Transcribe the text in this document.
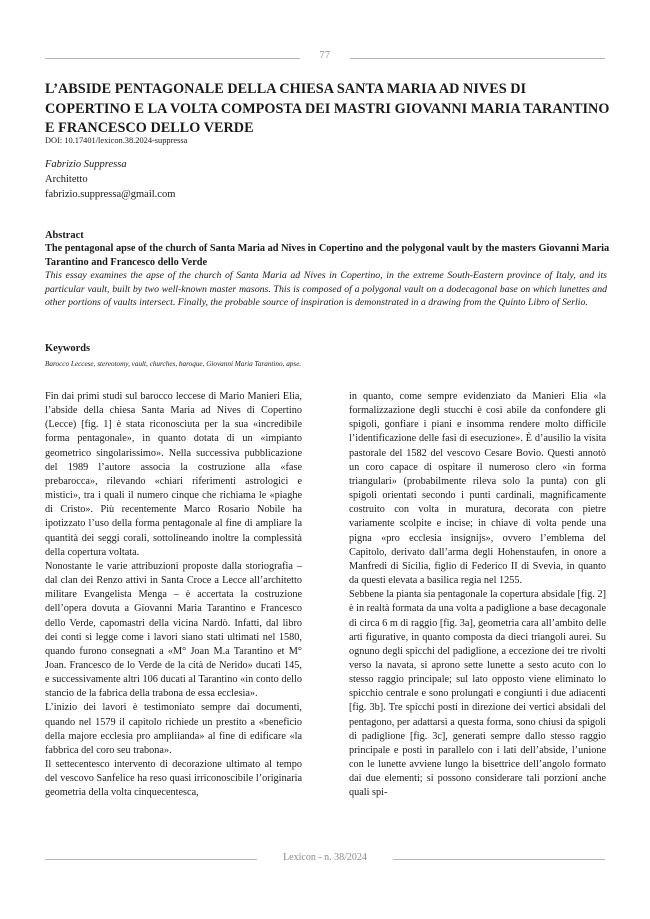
77
L’ABSIDE PENTAGONALE DELLA CHIESA SANTA MARIA AD NIVES DI COPERTINO E LA VOLTA COMPOSTA DEI MASTRI GIOVANNI MARIA TARANTINO E FRANCESCO DELLO VERDE
DOI: 10.17401/lexicon.38.2024-suppressa
Fabrizio Suppressa
Architetto
fabrizio.suppressa@gmail.com
Abstract
The pentagonal apse of the church of Santa Maria ad Nives in Copertino and the polygonal vault by the masters Giovanni Maria Tarantino and Francesco dello Verde
This essay examines the apse of the church of Santa Maria ad Nives in Copertino, in the extreme South-Eastern province of Italy, and its particular vault, built by two well-known master masons. This is composed of a polygonal vault on a dodecagonal base on which lunettes and other portions of vaults intersect. Finally, the probable source of inspiration is demonstrated in a drawing from the Quinto Libro of Serlio.
Keywords
Barocco Leccese, stereotomy, vault, churches, baroque, Giovanni Maria Tarantino, apse.

Fin dai primi studi sul barocco leccese di Mario Manieri Elia, l’abside della chiesa Santa Maria ad Nives di Copertino (Lecce) [fig. 1] è stata riconosciuta per la sua «incredibile forma pentagonale», in quanto dotata di un «impianto geometrico singolarissimo». Nella successiva pubblicazione del 1989 l’autore associa la costruzione alla «fase prebarocca», rilevando «chiari riferimenti astrologici e mistici», tra i quali il numero cinque che richiama le «piaghe di Cristo». Più recentemente Marco Rosario Nobile ha ipotizzato l’uso della forma pentagonale al fine di ampliare la quantità dei seggi corali, sottolineando inoltre la complessità della copertura voltata.

Nonostante le varie attribuzioni proposte dalla storiografia – dal clan dei Renzo attivi in Santa Croce a Lecce all’architetto militare Evangelista Menga – è accertata la costruzione dell’opera dovuta a Giovanni Maria Tarantino e Francesco dello Verde, capomastri della vicina Nardò. Infatti, dal libro dei conti si legge come i lavori siano stati ultimati nel 1580, quando furono consegnati a «M° Joan M.a Tarantino et M° Joan. Francesco de lo Verde de la cità de Nerido» ducati 145, e successivamente altri 106 ducati al Tarantino «in conto dello stancio de la fabrica della trabona de essa ecclesia».

L’inizio dei lavori è testimoniato sempre dai documenti, quando nel 1579 il capitolo richiede un prestito a «beneficio della majore ecclesia pro ampliianda» al fine di edificare «la fabbrica del coro seu trabona».

Il settecentesco intervento di decorazione ultimato al tempo del vescovo Sanfelice ha reso quasi irriconoscibile l’originaria geometria della volta cinquecentesca,

in quanto, come sempre evidenziato da Manieri Elia «la formalizzazione degli stucchi è così abile da confondere gli spigoli, gonfiare i piani e insomma rendere molto difficile l’identificazione delle fasi di esecuzione». È d’ausilio la visita pastorale del 1582 del vescovo Cesare Bovio. Questi annotò un coro capace di ospitare il numeroso clero «in forma triangulari» (probabilmente rileva solo la punta) con gli spigoli orientati secondo i punti cardinali, magnificamente costruito con volta in muratura, decorata con pietre variamente scolpite e incise; in chiave di volta pende una pigna «pro ecclesia insignijs», ovvero l’emblema del Capitolo, derivato dall’arma degli Hohenstaufen, in onore a Manfredi di Sicilia, figlio di Federico II di Svevia, in quanto da questi elevata a basilica regia nel 1255.

Sebbene la pianta sia pentagonale la copertura absidale [fig. 2] è in realtà formata da una volta a padiglione a base decagonale di circa 6 m di raggio [fig. 3a], geometria cara all’ambito delle arti figurative, in quanto composta da dieci triangoli aurei. Su ognuno degli spicchi del padiglione, a eccezione dei tre rivolti verso la navata, si aprono sette lunette a sesto acuto con lo stesso raggio principale; sul lato opposto viene eliminato lo spicchio centrale e sono prolungati e congiunti i due adiacenti [fig. 3b]. Tre spicchi posti in direzione dei vertici absidali del pentagono, per adattarsi a questa forma, sono chiusi da spigoli di padiglione [fig. 3c], generati sempre dallo stesso raggio principale e posti in parallelo con i lati dell’abside, l’unione con le lunette avviene lungo la bisettrice dell’angolo formato dai due elementi; si possono considerare tali porzioni anche quali spi-

Lexicon - n. 38/2024
